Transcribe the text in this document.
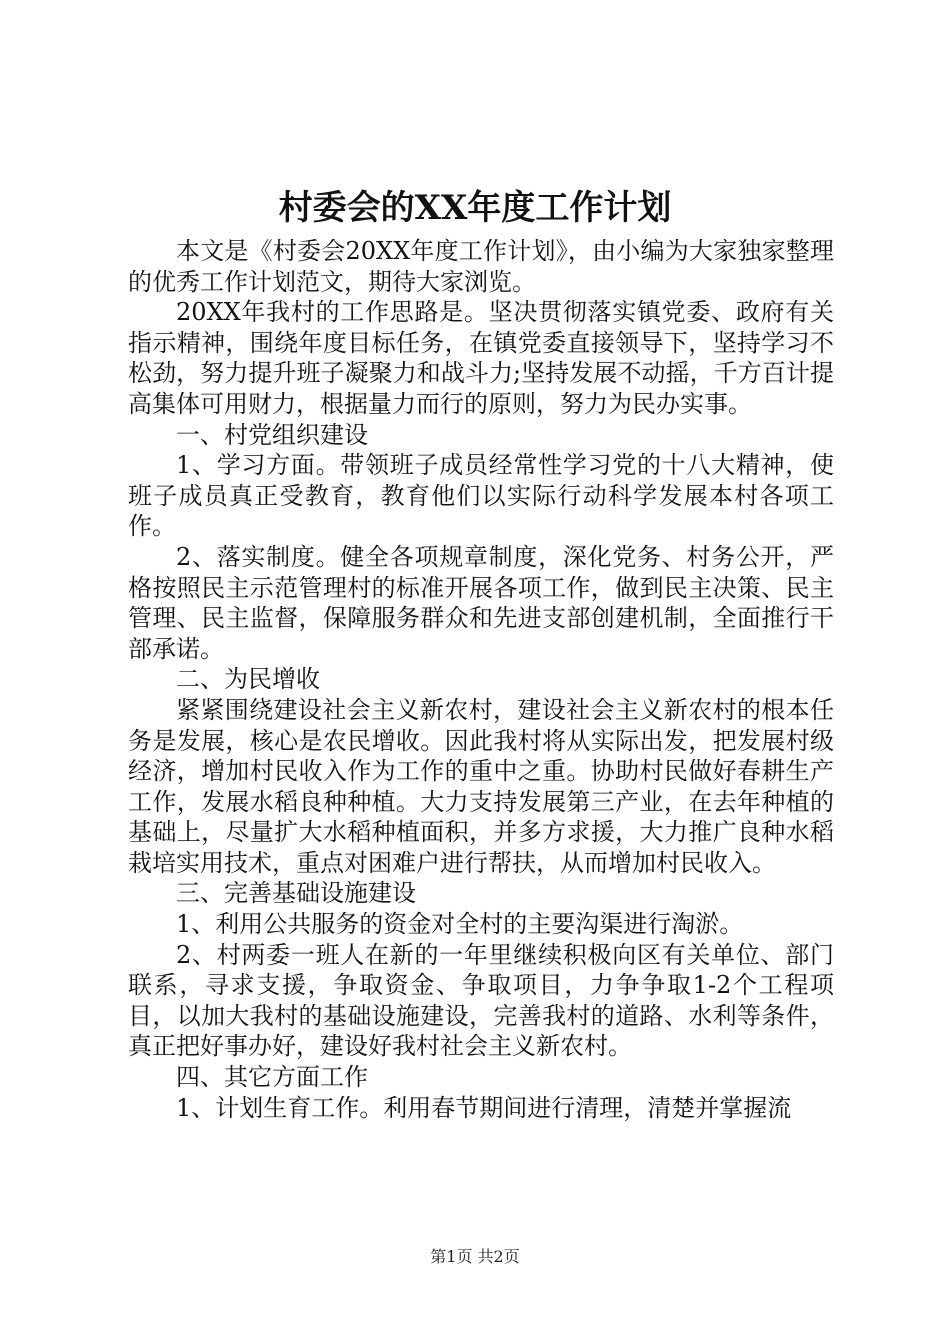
村委会的XX年度工作计划

本文是《村委会20XX年度工作计划》，由小编为大家独家整理的优秀工作计划范文，期待大家浏览。

20XX年我村的工作思路是。坚决贯彻落实镇党委、政府有关指示精神，围绕年度目标任务，在镇党委直接领导下，坚持学习不松劲，努力提升班子凝聚力和战斗力;坚持发展不动摇，千方百计提高集体可用财力，根据量力而行的原则，努力为民办实事。

一、村党组织建设

1、学习方面。带领班子成员经常性学习党的十八大精神，使班子成员真正受教育，教育他们以实际行动科学发展本村各项工作。

2、落实制度。健全各项规章制度，深化党务、村务公开，严格按照民主示范管理村的标准开展各项工作，做到民主决策、民主管理、民主监督，保障服务群众和先进支部创建机制，全面推行干部承诺。

二、为民增收

紧紧围绕建设社会主义新农村，建设社会主义新农村的根本任务是发展，核心是农民增收。因此我村将从实际出发，把发展村级经济，增加村民收入作为工作的重中之重。协助村民做好春耕生产工作，发展水稻良种种植。大力支持发展第三产业，在去年种植的基础上，尽量扩大水稻种植面积，并多方求援，大力推广良种水稻栽培实用技术，重点对困难户进行帮扶，从而增加村民收入。

三、完善基础设施建设

1、利用公共服务的资金对全村的主要沟渠进行淘淤。

2、村两委一班人在新的一年里继续积极向区有关单位、部门联系，寻求支援，争取资金、争取项目，力争争取1-2个工程项目，以加大我村的基础设施建设，完善我村的道路、水利等条件，真正把好事办好，建设好我村社会主义新农村。

四、其它方面工作

1、计划生育工作。利用春节期间进行清理，清楚并掌握流

第1页 共2页
